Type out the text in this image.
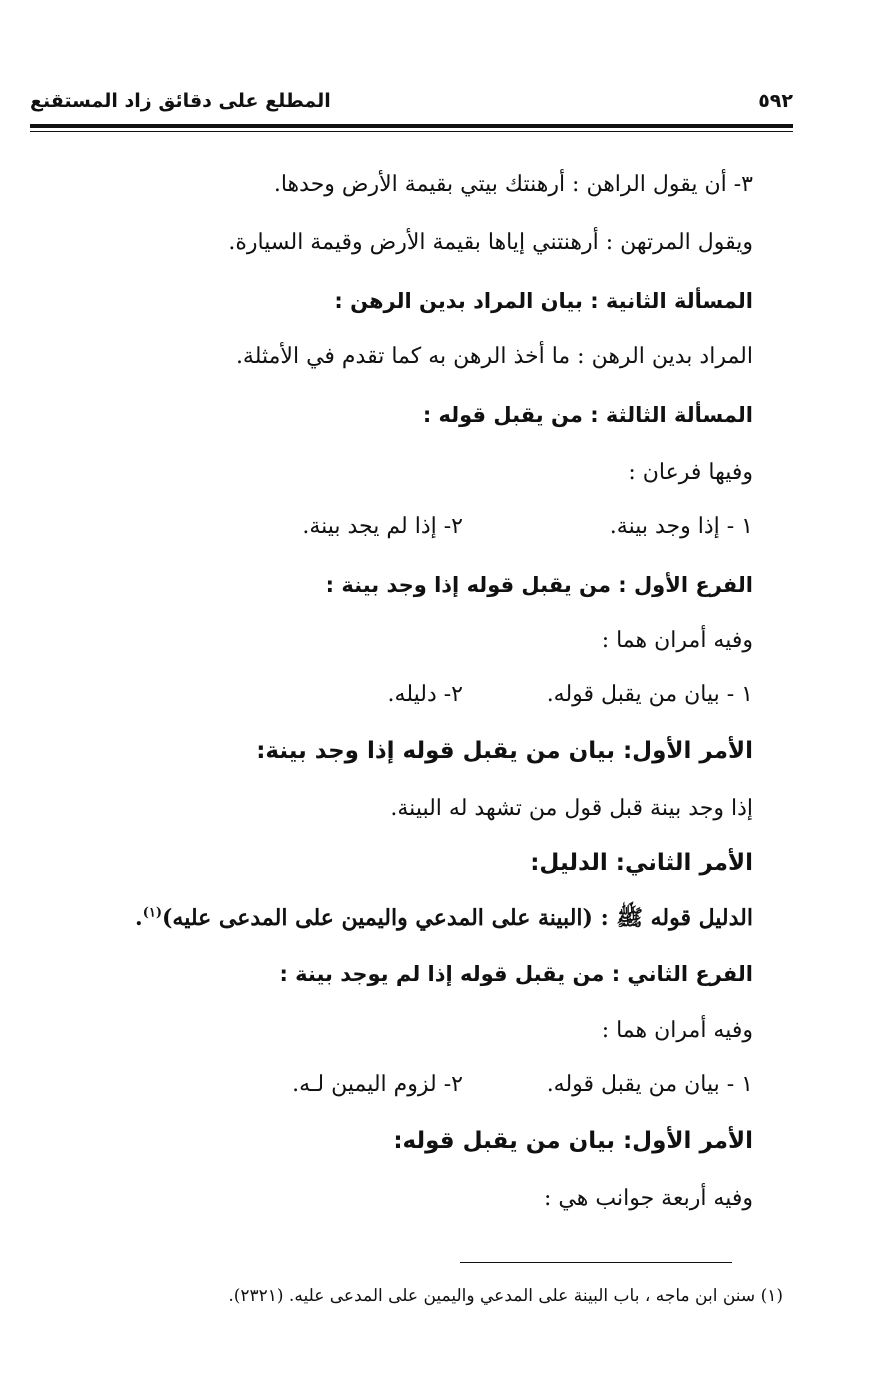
المطلع على دقائق زاد المستقنع	٥٩٢
٣- أن يقول الراهن : أرهنتك بيتي بقيمة الأرض وحدها.
ويقول المرتهن : أرهنتني إياها بقيمة الأرض وقيمة السيارة.
المسألة الثانية : بيان المراد بدين الرهن :
المراد بدين الرهن : ما أخذ الرهن به كما تقدم في الأمثلة.
المسألة الثالثة : من يقبل قوله :
وفيها فرعان :
١ - إذا وجد بينة.
٢- إذا لم يجد بينة.
الفرع الأول : من يقبل قوله إذا وجد بينة :
وفيه أمران هما :
١ - بيان من يقبل قوله.
٢- دليله.
الأمر الأول: بيان من يقبل قوله إذا وجد بينة:
إذا وجد بينة قبل قول من تشهد له البينة.
الأمر الثاني: الدليل:
الدليل قوله ﷺ : (البينة على المدعي واليمين على المدعى عليه)$^{(١)}$.
الفرع الثاني : من يقبل قوله إذا لم يوجد بينة :
وفيه أمران هما :
١ - بيان من يقبل قوله.
٢- لزوم اليمين لـه.
الأمر الأول: بيان من يقبل قوله:
وفيه أربعة جوانب هي :
(١) سنن ابن ماجه ، باب البينة على المدعي واليمين على المدعى عليه. (٢٣٢١).
